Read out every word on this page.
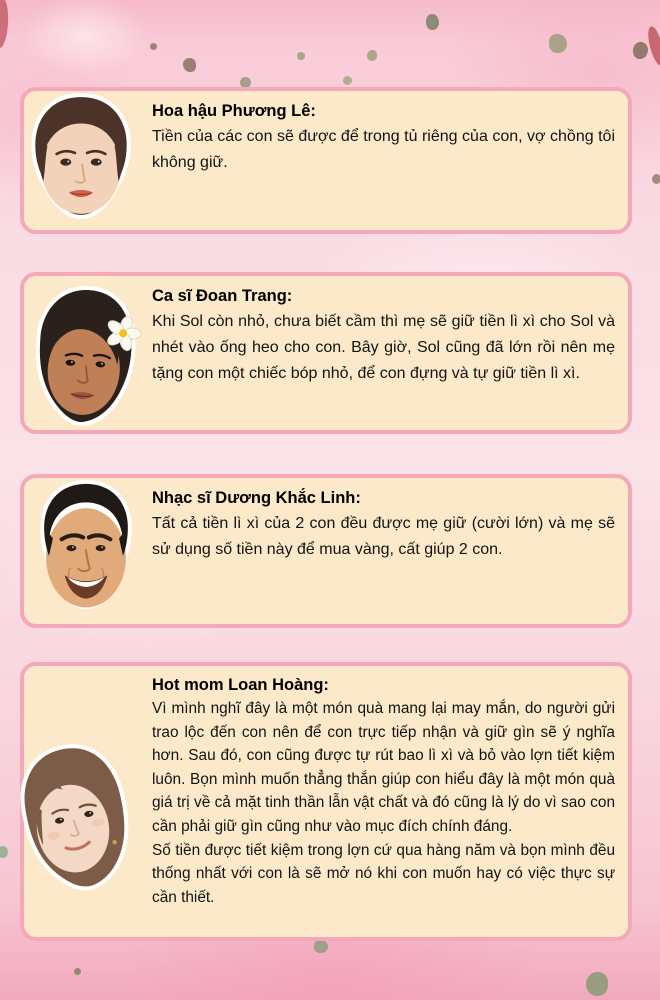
Hoa hậu Phương Lê:

Tiền của các con sẽ được để trong tủ riêng của con, vợ chồng tôi không giữ.

Ca sĩ Đoan Trang:

Khi Sol còn nhỏ, chưa biết cầm thì mẹ sẽ giữ tiền lì xì cho Sol và nhét vào ống heo cho con. Bây giờ, Sol cũng đã lớn rồi nên mẹ tặng con một chiếc bóp nhỏ, để con đựng và tự giữ tiền lì xì.

Nhạc sĩ Dương Khắc Linh:

Tất cả tiền lì xì của 2 con đều được mẹ giữ (cười lớn) và mẹ sẽ sử dụng số tiền này để mua vàng, cất giúp 2 con.

Hot mom Loan Hoàng:

Vì mình nghĩ đây là một món quà mang lại may mắn, do người gửi trao lộc đến con nên để con trực tiếp nhận và giữ gìn sẽ ý nghĩa hơn. Sau đó, con cũng được tự rút bao lì xì và bỏ vào lợn tiết kiệm luôn. Bọn mình muốn thẳng thắn giúp con hiểu đây là một món quà giá trị về cả mặt tinh thần lẫn vật chất và đó cũng là lý do vì sao con cần phải giữ gìn cũng như vào mục đích chính đáng.

Số tiền được tiết kiệm trong lợn cứ qua hàng năm và bọn mình đều thống nhất với con là sẽ mở nó khi con muốn hay có việc thực sự cần thiết.
